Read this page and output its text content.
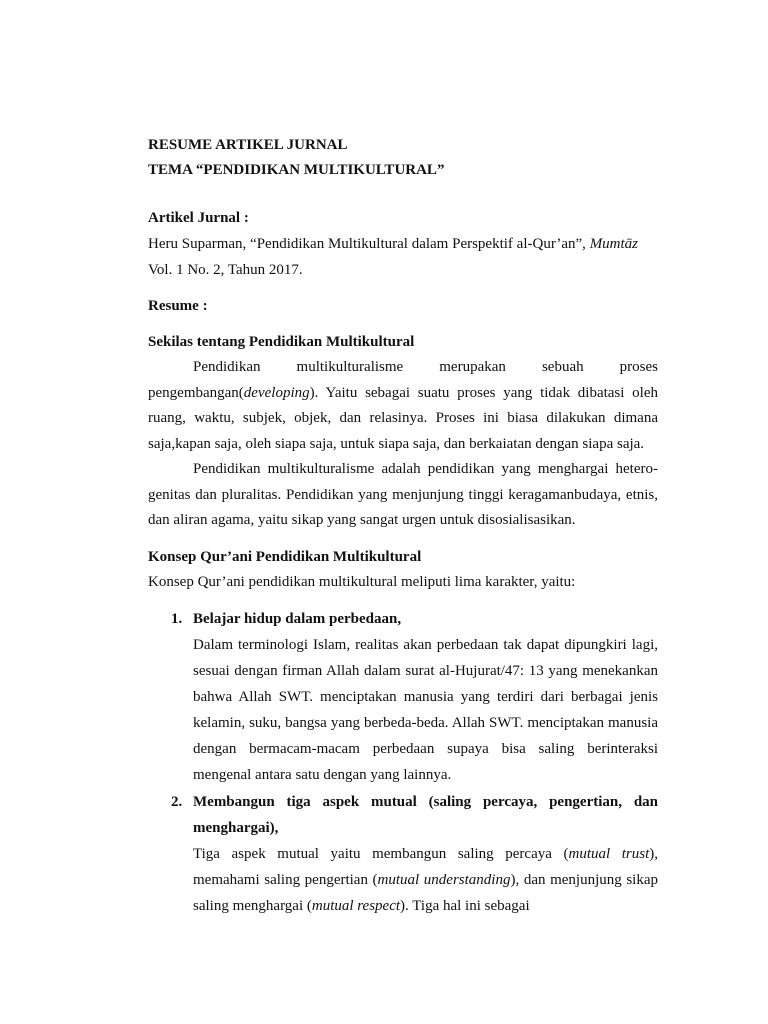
RESUME ARTIKEL JURNAL

TEMA “PENDIDIKAN MULTIKULTURAL”

Artikel Jurnal :

Heru Suparman, “Pendidikan Multikultural dalam Perspektif al-Qur’an”, Mumtāz

Vol. 1 No. 2, Tahun 2017.

Resume :

Sekilas tentang Pendidikan Multikultural

Pendidikan multikulturalisme merupakan sebuah proses pengembangan(developing). Yaitu sebagai suatu proses yang tidak dibatasi oleh ruang, waktu, subjek, objek, dan relasinya. Proses ini biasa dilakukan dimana saja,kapan saja, oleh siapa saja, untuk siapa saja, dan berkaiatan dengan siapa saja.

Pendidikan multikulturalisme adalah pendidikan yang menghargai hetero-genitas dan pluralitas. Pendidikan yang menjunjung tinggi keragamanbudaya, etnis, dan aliran agama, yaitu sikap yang sangat urgen untuk disosialisasikan.

Konsep Qur’ani Pendidikan Multikultural

Konsep Qur’ani pendidikan multikultural meliputi lima karakter, yaitu:

1. Belajar hidup dalam perbedaan,

Dalam terminologi Islam, realitas akan perbedaan tak dapat dipungkiri lagi, sesuai dengan firman Allah dalam surat al-Hujurat/47: 13 yang menekankan bahwa Allah SWT. menciptakan manusia yang terdiri dari berbagai jenis kelamin, suku, bangsa yang berbeda-beda. Allah SWT. menciptakan manusia dengan bermacam-macam perbedaan supaya bisa saling berinteraksi mengenal antara satu dengan yang lainnya.

2. Membangun tiga aspek mutual (saling percaya, pengertian, dan menghargai),

Tiga aspek mutual yaitu membangun saling percaya (mutual trust), memahami saling pengertian (mutual understanding), dan menjunjung sikap saling menghargai (mutual respect). Tiga hal ini sebagai
